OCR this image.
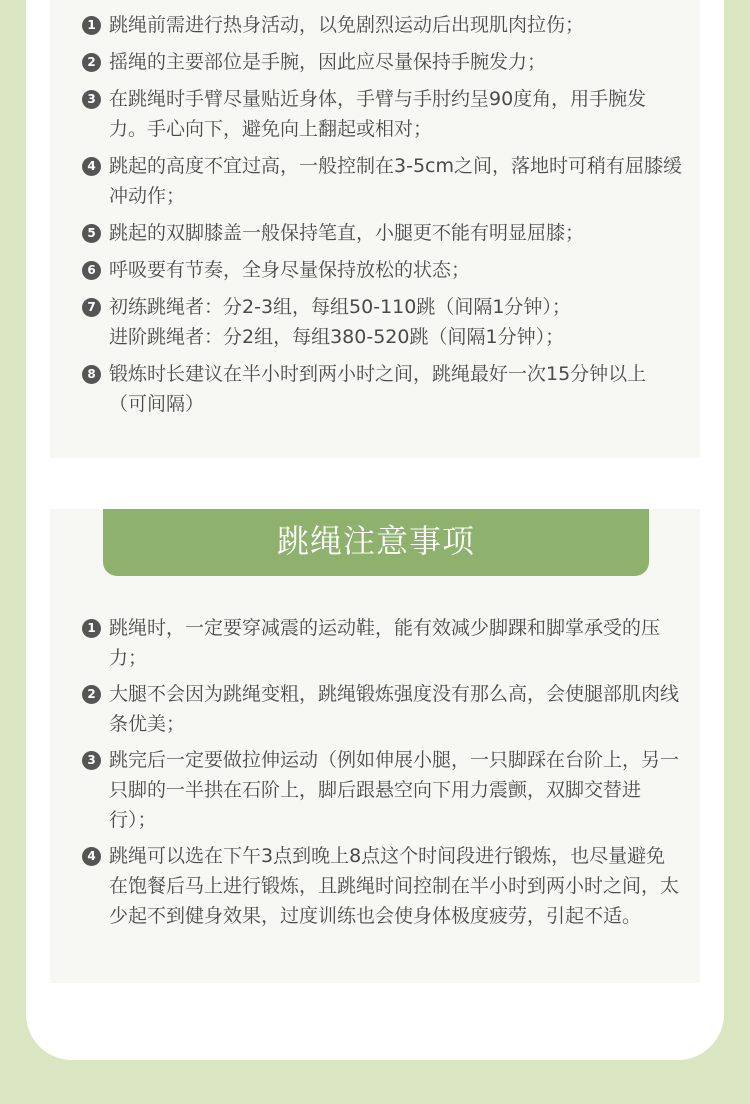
1 跳绳前需进行热身活动，以免剧烈运动后出现肌肉拉伤；
2 摇绳的主要部位是手腕，因此应尽量保持手腕发力；
3 在跳绳时手臂尽量贴近身体，手臂与手肘约呈90度角，用手腕发力。手心向下，避免向上翻起或相对；
4 跳起的高度不宜过高，一般控制在3-5cm之间，落地时可稍有屈膝缓冲动作；
5 跳起的双脚膝盖一般保持笔直，小腿更不能有明显屈膝；
6 呼吸要有节奏，全身尽量保持放松的状态；
7 初练跳绳者：分2-3组，每组50-110跳（间隔1分钟）；
进阶跳绳者：分2组，每组380-520跳（间隔1分钟）；
8 锻炼时长建议在半小时到两小时之间，跳绳最好一次15分钟以上（可间隔）
跳绳注意事项
1 跳绳时，一定要穿减震的运动鞋，能有效减少脚踝和脚掌承受的压力；
2 大腿不会因为跳绳变粗，跳绳锻炼强度没有那么高，会使腿部肌肉线条优美；
3 跳完后一定要做拉伸运动（例如伸展小腿，一只脚踩在台阶上，另一只脚的一半拱在石阶上，脚后跟悬空向下用力震颤，双脚交替进行）；
4 跳绳可以选在下午3点到晚上8点这个时间段进行锻炼，也尽量避免在饱餐后马上进行锻炼，且跳绳时间控制在半小时到两小时之间，太少起不到健身效果，过度训练也会使身体极度疲劳，引起不适。
